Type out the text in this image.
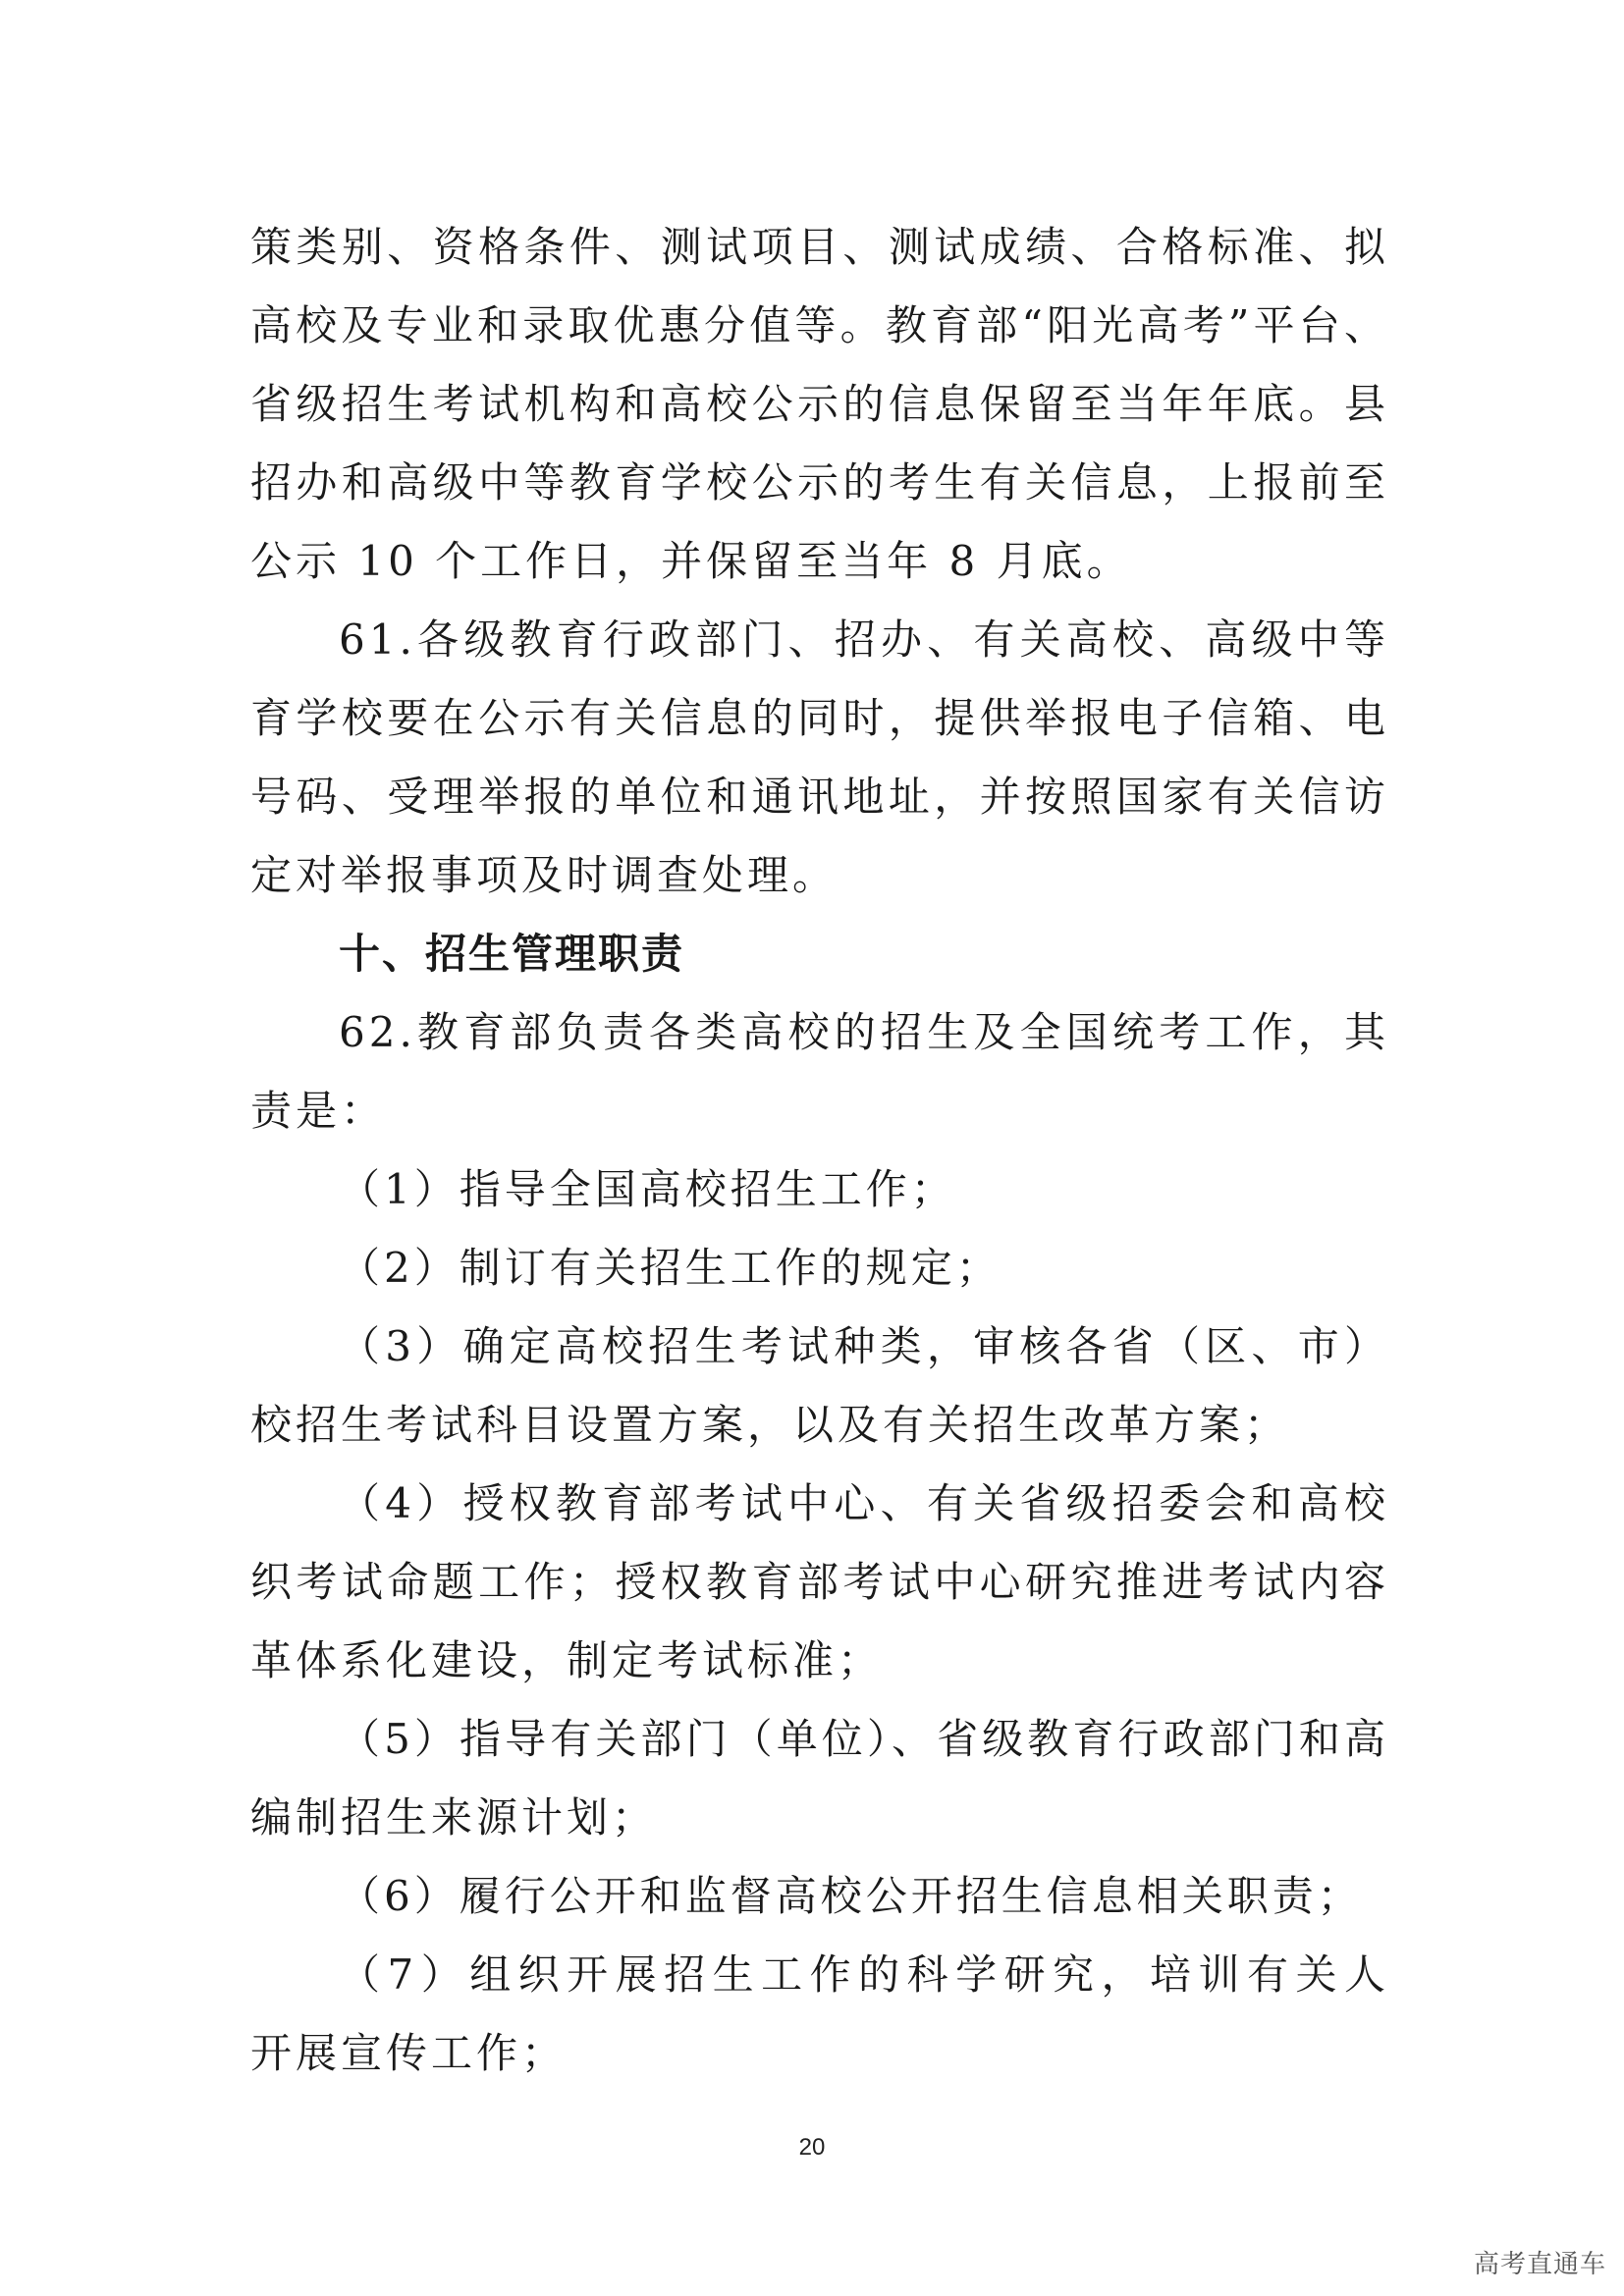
策类别、资格条件、测试项目、测试成绩、合格标准、拟
高校及专业和录取优惠分值等。教育部“阳光高考”平台、
省级招生考试机构和高校公示的信息保留至当年年底。县
招办和高级中等教育学校公示的考生有关信息，上报前至
公示 10 个工作日，并保留至当年 8 月底。
61.各级教育行政部门、招办、有关高校、高级中等
育学校要在公示有关信息的同时，提供举报电子信箱、电
号码、受理举报的单位和通讯地址，并按照国家有关信访
定对举报事项及时调查处理。
十、招生管理职责
62.教育部负责各类高校的招生及全国统考工作，其
责是：
（1）指导全国高校招生工作；
（2）制订有关招生工作的规定；
（3）确定高校招生考试种类，审核各省（区、市）
校招生考试科目设置方案，以及有关招生改革方案；
（4）授权教育部考试中心、有关省级招委会和高校
织考试命题工作；授权教育部考试中心研究推进考试内容
革体系化建设，制定考试标准；
（5）指导有关部门（单位）、省级教育行政部门和高
编制招生来源计划；
（6）履行公开和监督高校公开招生信息相关职责；
（7）组织开展招生工作的科学研究，培训有关人
开展宣传工作；
20
高考直通车
